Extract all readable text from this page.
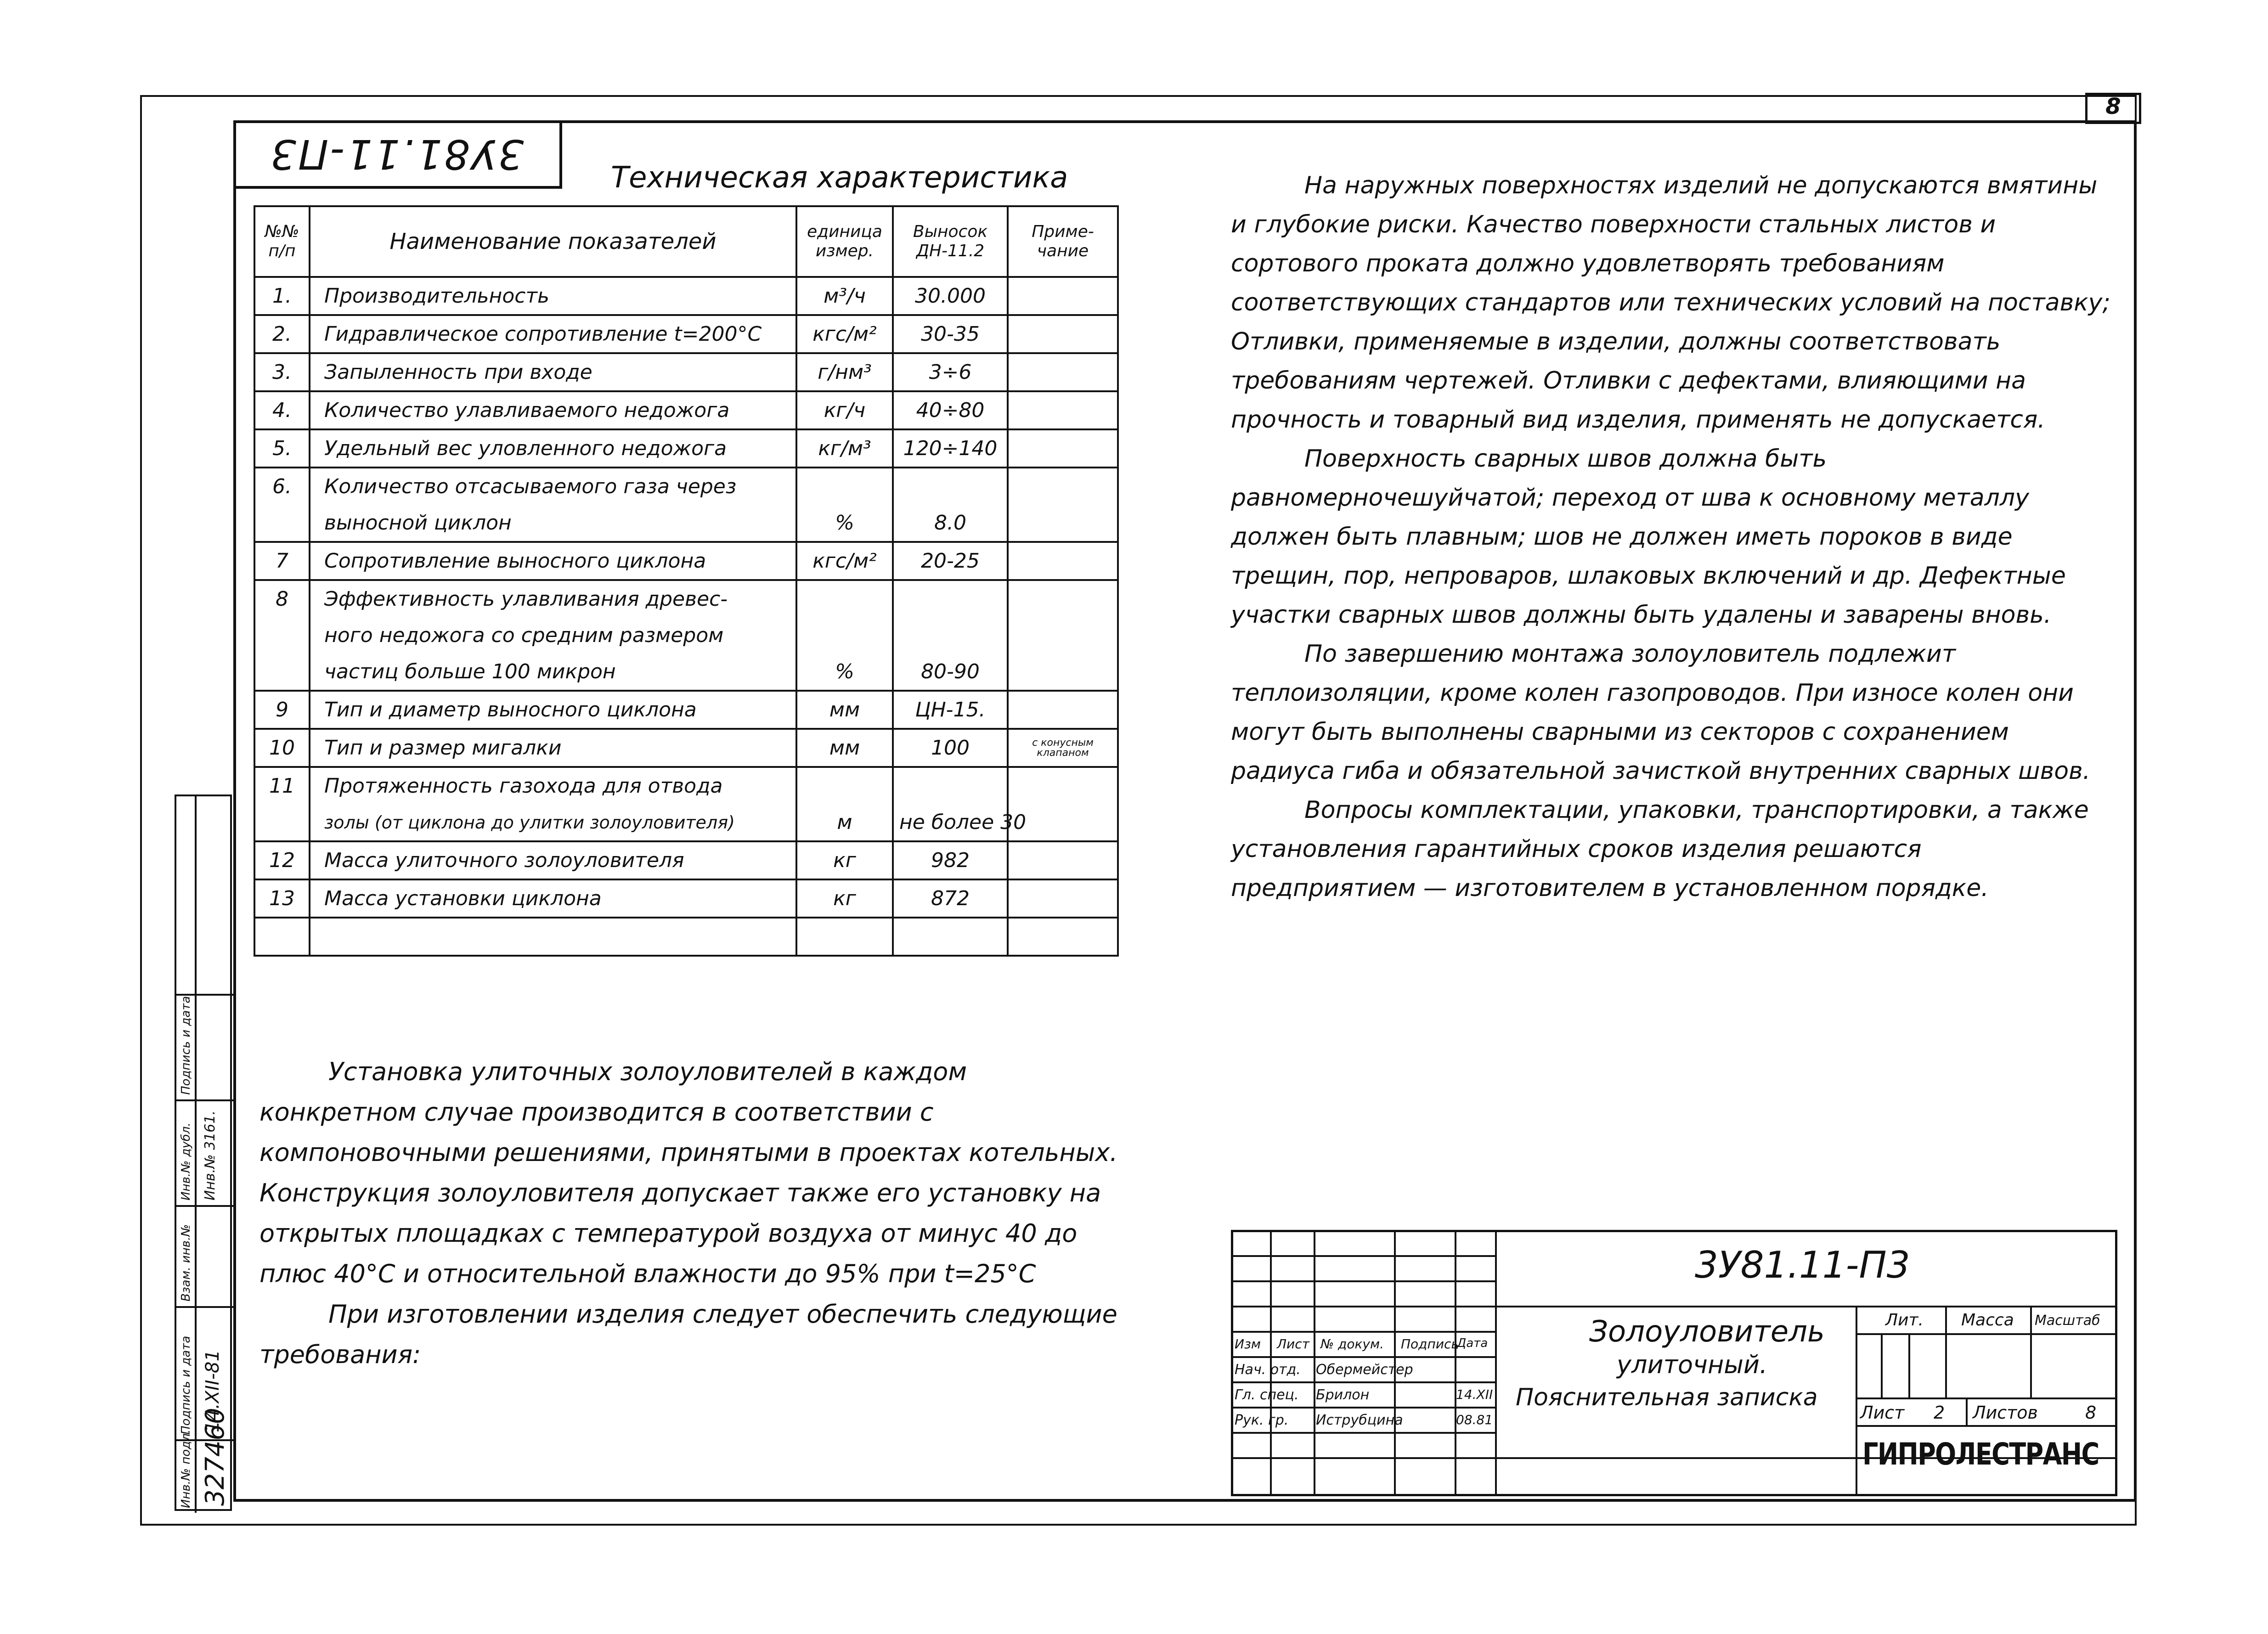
8
3У81.11-П3	Техническая характеристика
№№ п/п	Наименование показателей	единица измер.	Выносок ДН-11.2	Приме-чание
1.	Производительность	м³/ч	30.000	
2.	Гидравлическое сопротивление t=200°С	кгс/м²	30-35	
3.	Запыленность при входе	г/нм³	3÷6	
4.	Количество улавливаемого недожога	кг/ч	40÷80	
5.	Удельный вес уловленного недожога	кг/м³	120÷140	
6.	Количество отсасываемого газа через			
	выносной циклон	%	8.0	
7	Сопротивление выносного циклона	кгс/м²	20-25	
8	Эффективность улавливания древес-			
	ного недожога со средним размером			
	частиц больше 100 микрон	%	80-90	
9	Тип и диаметр выносного циклона	мм	ЦН-15.	
10	Тип и размер мигалки	мм	100	с конусным клапаном
11	Протяженность газохода для отвода			
	золы (от циклона до улитки золоуловителя)	м	не более 30	
12	Масса улиточного золоуловителя	кг	982	
13	Масса установки циклона	кг	872	

На наружных поверхностях изделий не допускаются вмятины и глубокие риски. Качество поверхности стальных листов и сортового проката должно удовлетворять требованиям соответствующих стандартов или технических условий на поставку; Отливки, применяемые в изделии, должны соответствовать требованиям чертежей. Отливки с дефектами, влияющими на прочность и товарный вид изделия, применять не допускается.

Поверхность сварных швов должна быть равномерночешуйчатой; переход от шва к основному металлу должен быть плавным; шов не должен иметь пороков в виде трещин, пор, непроваров, шлаковых включений и др. Дефектные участки сварных швов должны быть удалены и заварены вновь.

По завершению монтажа золоуловитель подлежит теплоизоляции, кроме колен газопроводов. При износе колен они могут быть выполнены сварными из секторов с сохранением радиуса гиба и обязательной зачисткой внутренних сварных швов.

Вопросы комплектации, упаковки, транспортировки, а также установления гарантийных сроков изделия решаются предприятием — изготовителем в установленном порядке.

Установка улиточных золоуловителей в каждом конкретном случае производится в соответствии с компоновочными решениями, принятыми в проектах котельных. Конструкция золоуловителя допускает также его установку на открытых площадках с температурой воздуха от минус 40 до плюс 40°С и относительной влажности до 95% при t=25°С

При изготовлении изделия следует обеспечить следующие требования:

Инв.№ подл.
Подпись и дата
Взам. инв.№
Инв.№ дубл.
Подпись и дата
327460
14.XII-81
Инв.№ 3161.
3У81.11-П3
Золоуловитель
улиточный.
Пояснительная записка
Изм Лист № докум. Подпись
Дата
Нач. отд. Обермейстер
Гл. спец. Брилон	14.XII
Рук. гр. Иструбцина	08.81
Лит. Масса Масштаб
Лист 2 Листов	8
ГИПРОЛЕСТРАНС
